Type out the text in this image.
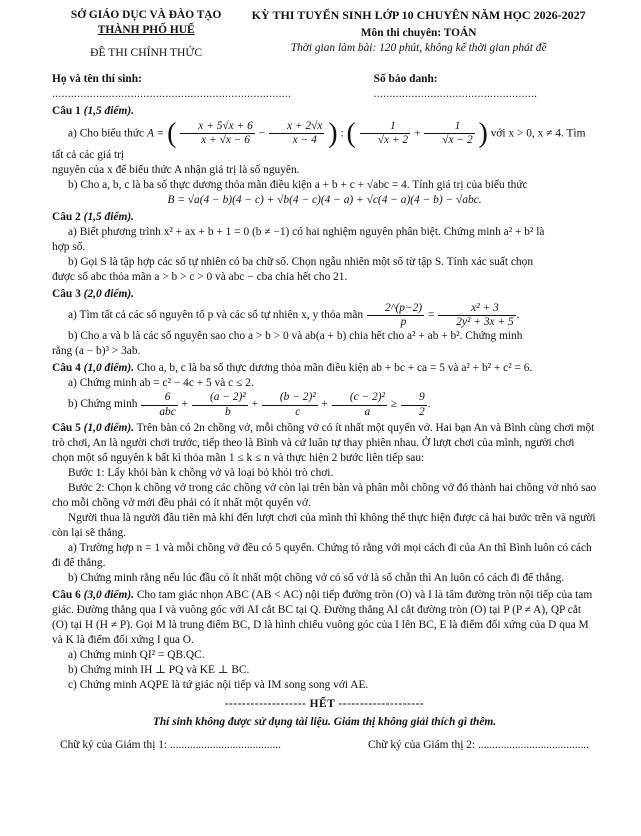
SỞ GIÁO DỤC VÀ ĐÀO TẠO
THÀNH PHỐ HUẾ
ĐỀ THI CHÍNH THỨC
KỲ THI TUYỂN SINH LỚP 10 CHUYÊN NĂM HỌC 2026-2027
Môn thi chuyên: TOÁN
Thời gian làm bài: 120 phút, không kể thời gian phát đề
Họ và tên thí sinh: ............................................................................
Số báo danh: ....................................................

Câu 1 (1,5 điểm).

a) Cho biểu thức A = ( $\frac{x + 5√x + 6}{x + √x - 6} - \frac{x + 2√x}{x - 4}$ ) : ( $\frac{1}{√x + 2} + \frac{1}{√x - 2}$ ) với x > 0, x ≠ 4. Tìm tất cả các giá trị

nguyên của x để biểu thức A nhận giá trị là số nguyên.

b) Cho a, b, c là ba số thực dương thỏa mãn điều kiện a + b + c + √abc = 4. Tính giá trị của biểu thức

B = √a(4 − b)(4 − c) + √b(4 − c)(4 − a) + √c(4 − a)(4 − b) − √abc.

Câu 2 (1,5 điểm).

a) Biết phương trình x² + ax + b + 1 = 0 (b ≠ −1) có hai nghiệm nguyên phân biệt. Chứng minh a² + b² là

hợp số.

b) Gọi S là tập hợp các số tự nhiên có ba chữ số. Chọn ngẫu nhiên một số từ tập S. Tính xác suất chọn

được số abc thỏa mãn a > b > c > 0 và abc − cba chia hết cho 21.

Câu 3 (2,0 điểm).

a) Tìm tất cả các số nguyên tố p và các số tự nhiên x, y thỏa mãn $\frac{2\^{}(p-2)}{p} = \frac{\text{x² + 3}}{\text{2y² + 3x + 5}}$ .

b) Cho a và b là các số nguyên sao cho a > b > 0 và ab(a + b) chia hết cho a² + ab + b². Chứng minh

rằng (a − b)³ > 3ab.

Câu 4 (1,0 điểm). Cho a, b, c là ba số thực dương thỏa mãn điều kiện ab + bc + ca = 5 và a² + b² + c² = 6.

a) Chứng minh ab = c² − 4c + 5 và c ≤ 2.

b) Chứng minh $\frac{6}{\text{abc}} + \frac{\text{(a − 2)²}}{b} + \frac{\text{(b − 2)²}}{c} + \frac{\text{(c − 2)²}}{a} \ge \frac{9}{2}$ .

Câu 5 (1,0 điểm). Trên bàn có 2n chồng vở, mỗi chồng vở có ít nhất một quyển vở. Hai bạn An và Bình cùng chơi một trò chơi, An là người chơi trước, tiếp theo là Bình và cứ luân tự thay phiên nhau. Ở lượt chơi của mình, người chơi chọn một số nguyên k bất kì thỏa mãn 1 ≤ k ≤ n và thực hiện 2 bước liên tiếp sau:

Bước 1: Lấy khỏi bàn k chồng vở và loại bỏ khỏi trò chơi.

Bước 2: Chọn k chồng vở trong các chồng vở còn lại trên bàn và phân mỗi chồng vở đó thành hai chồng vở nhỏ sao cho mỗi chồng vở mới đều phải có ít nhất một quyển vở.

Người thua là người đầu tiên mà khi đến lượt chơi của mình thì không thể thực hiện được cả hai bước trên và người còn lại sẽ thắng.

a) Trường hợp n = 1 và mỗi chồng vở đều có 5 quyển. Chứng tỏ rằng với mọi cách đi của An thì Bình luôn có cách đi để thắng.

b) Chứng minh rằng nếu lúc đầu có ít nhất một chồng vở có số vở là số chẵn thì An luôn có cách đi để thắng.

Câu 6 (3,0 điểm). Cho tam giác nhọn ABC (AB < AC) nội tiếp đường tròn (O) và I là tâm đường tròn nội tiếp của tam giác. Đường thẳng qua I và vuông góc với AI cắt BC tại Q. Đường thẳng AI cắt đường tròn (O) tại P (P ≠ A), QP cắt (O) tại H (H ≠ P). Gọi M là trung điểm BC, D là hình chiếu vuông góc của I lên BC, E là điểm đối xứng của D qua M và K là điểm đối xứng I qua O.

a) Chứng minh QI² = QB.QC.

b) Chứng minh IH ⊥ PQ và KE ⊥ BC.

c) Chứng minh AQPE là tứ giác nội tiếp và IM song song với AE.

------------------- HẾT --------------------
Thí sinh không được sử dụng tài liệu. Giám thị không giải thích gì thêm.
Chữ ký của Giám thị 1: .......................................	Chữ ký của Giám thị 2: .......................................
